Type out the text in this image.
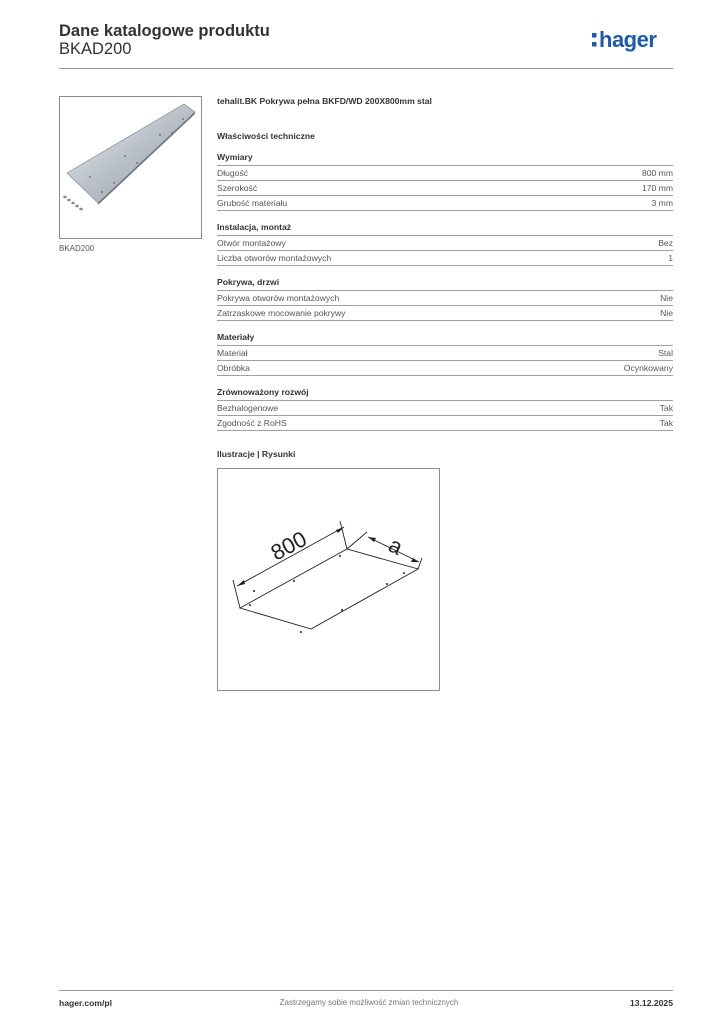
Dane katalogowe produktu
BKAD200	hager
BKAD200
tehalit.BK Pokrywa pełna BKFD/WD 200X800mm stal
Właściwości techniczne
Wymiary
Długość	800 mm
Szerokość	170 mm
Grubość materiału	3 mm
Instalacja, montaż
Otwór montażowy	Bez
Liczba otworów montażowych	1
Pokrywa, drzwi
Pokrywa otworów montażowych	Nie
Zatrzaskowe mocowanie pokrywy	Nie
Materiały
Materiał	Stal
Obróbka	Ocynkowany
Zrównoważony rozwój
Bezhalogenowe	Tak
Zgodność z RoHS	Tak
Ilustracje | Rysunki
800	a
hager.com/pl	Zastrzegamy sobie możliwość zmian technicznych	13.12.2025
